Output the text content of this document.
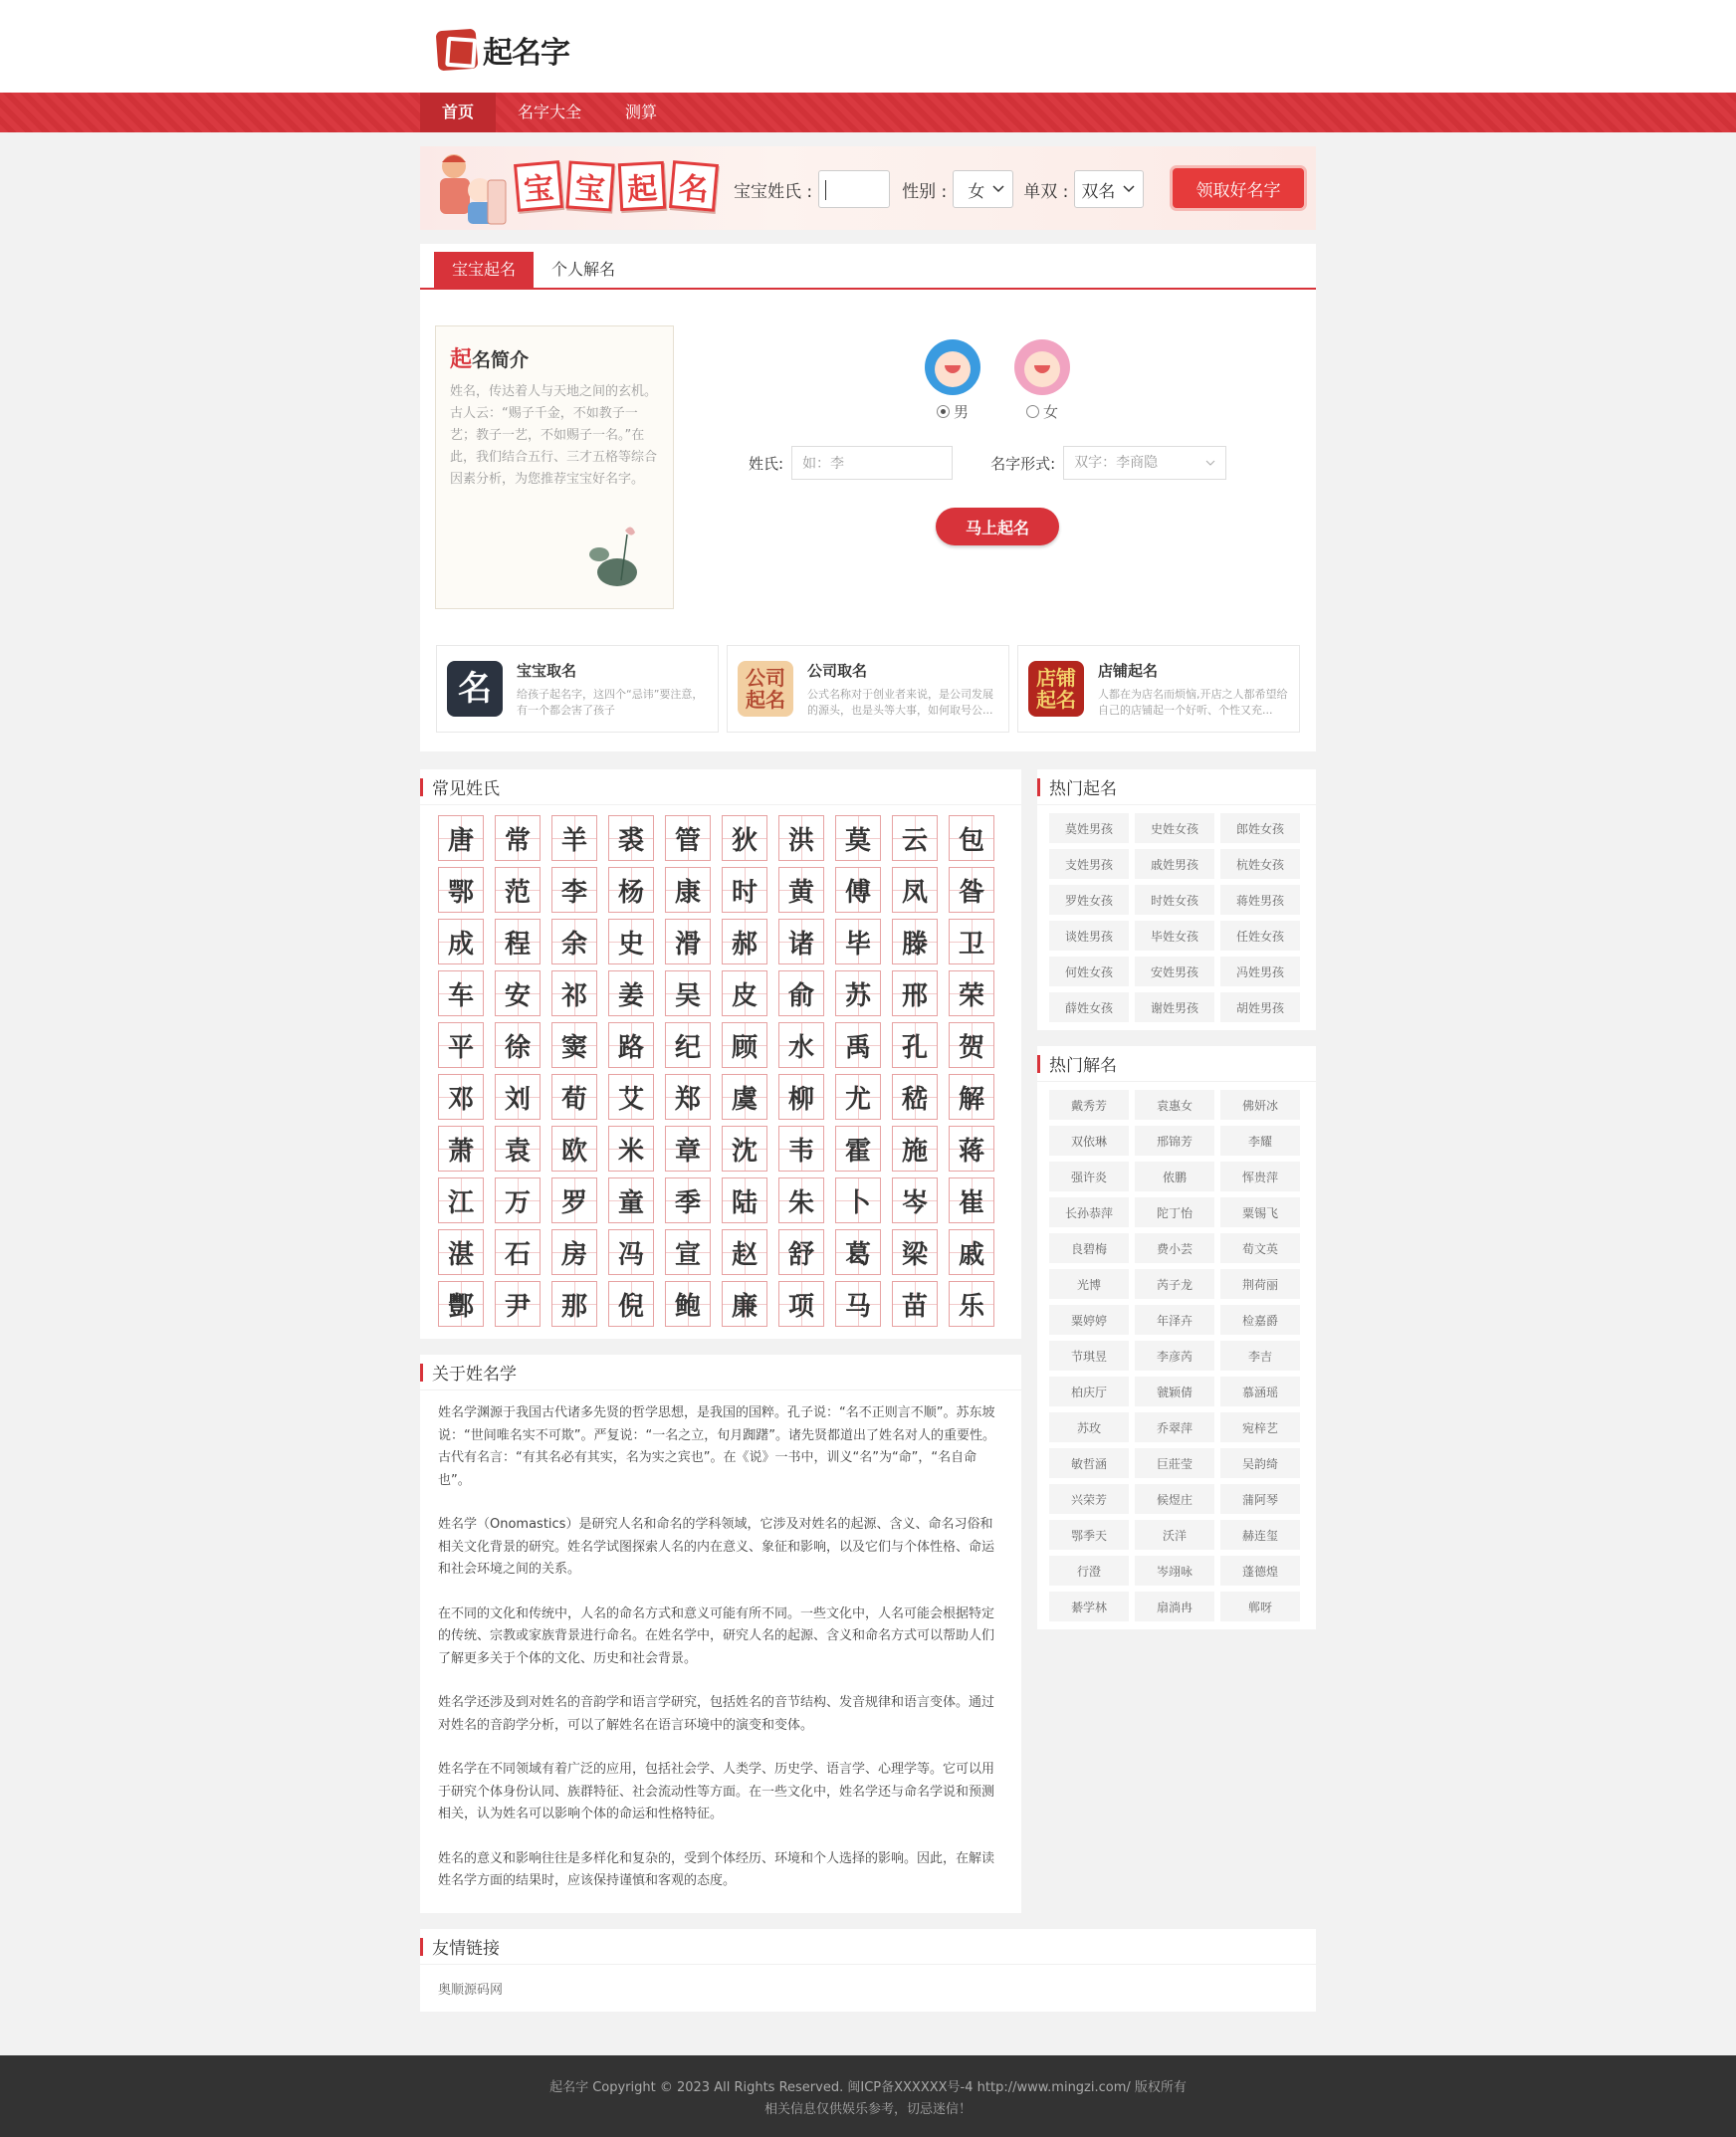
起名字
首页	名字大全	测算
宝 宝 起 名	宝宝姓氏 :	性别 : 女 单双 : 双名	领取好名字
宝宝起名	个人解名
起名简介

姓名，传达着人与天地之间的玄机。古人云：“赐子千金，不如教子一艺；教子一艺，不如赐子一名。”在此，我们结合五行、三才五格等综合因素分析，为您推荐宝宝好名字。

男	女
姓氏:	如：李	名字形式: 双字：李商隐
马上起名
名	宝宝取名

给孩子起名字，这四个“忌讳”要注意，有一个都会害了孩子

公司起名
公司取名

公式名称对于创业者来说，是公司发展的源头，也是头等大事，如何取号公...

店铺起名
店铺起名

人都在为店名而烦恼,开店之人都希望给自己的店铺起一个好听、个性又充...

常见姓氏
唐	常	羊	裘	管	狄	洪	莫	云	包
鄂	范	李	杨	康	时	黄	傅	凤	昝
成	程	余	史	滑	郝	诸	毕	滕	卫
车	安	祁	姜	吴	皮	俞	苏	邢	荣
平	徐	窦	路	纪	顾	水	禹	孔	贺
邓	刘	荀	艾	郑	虞	柳	尤	嵇	解
萧	袁	欧	米	章	沈	韦	霍	施	蒋
江	万	罗	童	季	陆	朱	卜	岑	崔
湛	石	房	冯	宣	赵	舒	葛	梁	戚
酆	尹	那	倪	鲍	廉	项	马	苗	乐
关于姓名学

姓名学渊源于我国古代诸多先贤的哲学思想，是我国的国粹。孔子说：“名不正则言不顺”。苏东坡说：“世间唯名实不可欺”。严复说：“一名之立，旬月踟躇”。诸先贤都道出了姓名对人的重要性。古代有名言：“有其名必有其实，名为实之宾也”。在《说》一书中，训义“名”为“命”，“名自命也”。

姓名学（Onomastics）是研究人名和命名的学科领域，它涉及对姓名的起源、含义、命名习俗和相关文化背景的研究。姓名学试图探索人名的内在意义、象征和影响，以及它们与个体性格、命运和社会环境之间的关系。

在不同的文化和传统中，人名的命名方式和意义可能有所不同。一些文化中，人名可能会根据特定的传统、宗教或家族背景进行命名。在姓名学中，研究人名的起源、含义和命名方式可以帮助人们了解更多关于个体的文化、历史和社会背景。

姓名学还涉及到对姓名的音韵学和语言学研究，包括姓名的音节结构、发音规律和语言变体。通过对姓名的音韵学分析，可以了解姓名在语言环境中的演变和变体。

姓名学在不同领域有着广泛的应用，包括社会学、人类学、历史学、语言学、心理学等。它可以用于研究个体身份认同、族群特征、社会流动性等方面。在一些文化中，姓名学还与命名学说和预测相关，认为姓名可以影响个体的命运和性格特征。

姓名的意义和影响往往是多样化和复杂的，受到个体经历、环境和个人选择的影响。因此，在解读姓名学方面的结果时，应该保持谨慎和客观的态度。

热门起名
莫姓男孩	史姓女孩	郎姓女孩
支姓男孩	戚姓男孩	杭姓女孩
罗姓女孩	时姓女孩	蒋姓男孩
谈姓男孩	毕姓女孩	任姓女孩
何姓女孩	安姓男孩	冯姓男孩
薛姓女孩	谢姓男孩	胡姓男孩
热门解名
戴秀芳	袁惠女	佛妍冰
双依琳	邢锦芳	李耀
强许炎	侬鹏	恽贵萍
长孙恭萍	陀丁怡	粟锡飞
良碧梅	费小芸	荀文英
光博	芮子龙	荆荷丽
粟婷婷	年泽卉	检嘉爵
节琪昱	李彦芮	李吉
柏庆厅	虢颖倩	慕涵瑶
苏玫	乔翠萍	宛梓艺
敏哲涵	巨莊莹	吴韵绮
兴荣芳	候煜庄	蒲阿琴
鄂季天	沃洋	赫连玺
行澄	岑翊咏	蓬德煌
綦学林	扇淌冉	郸呀
友情链接
奥顺源码网
起名字 Copyright © 2023 All Rights Reserved. 闽ICP备XXXXXX号-4 http://www.mingzi.com/ 版权所有
相关信息仅供娱乐参考，切忌迷信！
